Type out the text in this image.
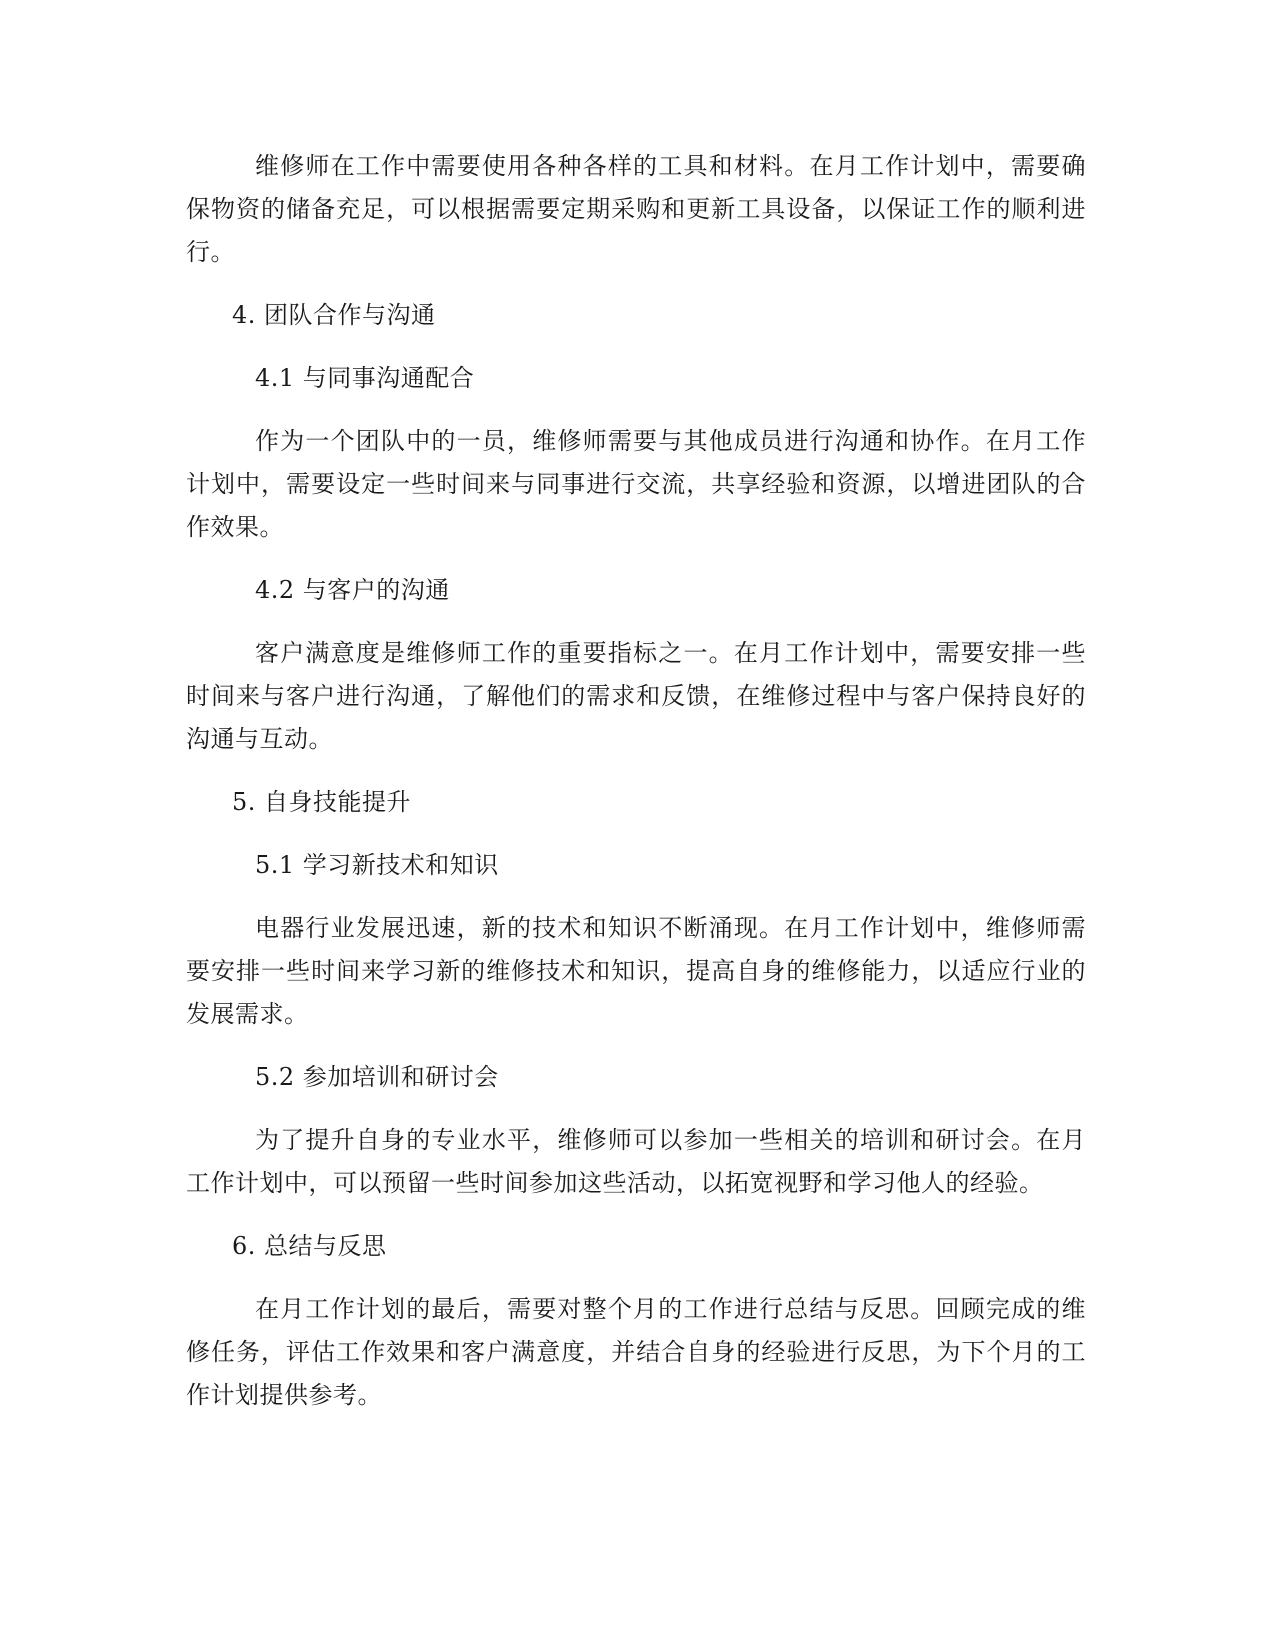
维修师在工作中需要使用各种各样的工具和材料。在月工作计划中，需要确保物资的储备充足，可以根据需要定期采购和更新工具设备，以保证工作的顺利进行。

4. 团队合作与沟通

4.1 与同事沟通配合

作为一个团队中的一员，维修师需要与其他成员进行沟通和协作。在月工作计划中，需要设定一些时间来与同事进行交流，共享经验和资源，以增进团队的合作效果。

4.2 与客户的沟通

客户满意度是维修师工作的重要指标之一。在月工作计划中，需要安排一些时间来与客户进行沟通，了解他们的需求和反馈，在维修过程中与客户保持良好的沟通与互动。

5. 自身技能提升

5.1 学习新技术和知识

电器行业发展迅速，新的技术和知识不断涌现。在月工作计划中，维修师需要安排一些时间来学习新的维修技术和知识，提高自身的维修能力，以适应行业的发展需求。

5.2 参加培训和研讨会

为了提升自身的专业水平，维修师可以参加一些相关的培训和研讨会。在月工作计划中，可以预留一些时间参加这些活动，以拓宽视野和学习他人的经验。

6. 总结与反思

在月工作计划的最后，需要对整个月的工作进行总结与反思。回顾完成的维修任务，评估工作效果和客户满意度，并结合自身的经验进行反思，为下个月的工作计划提供参考。
